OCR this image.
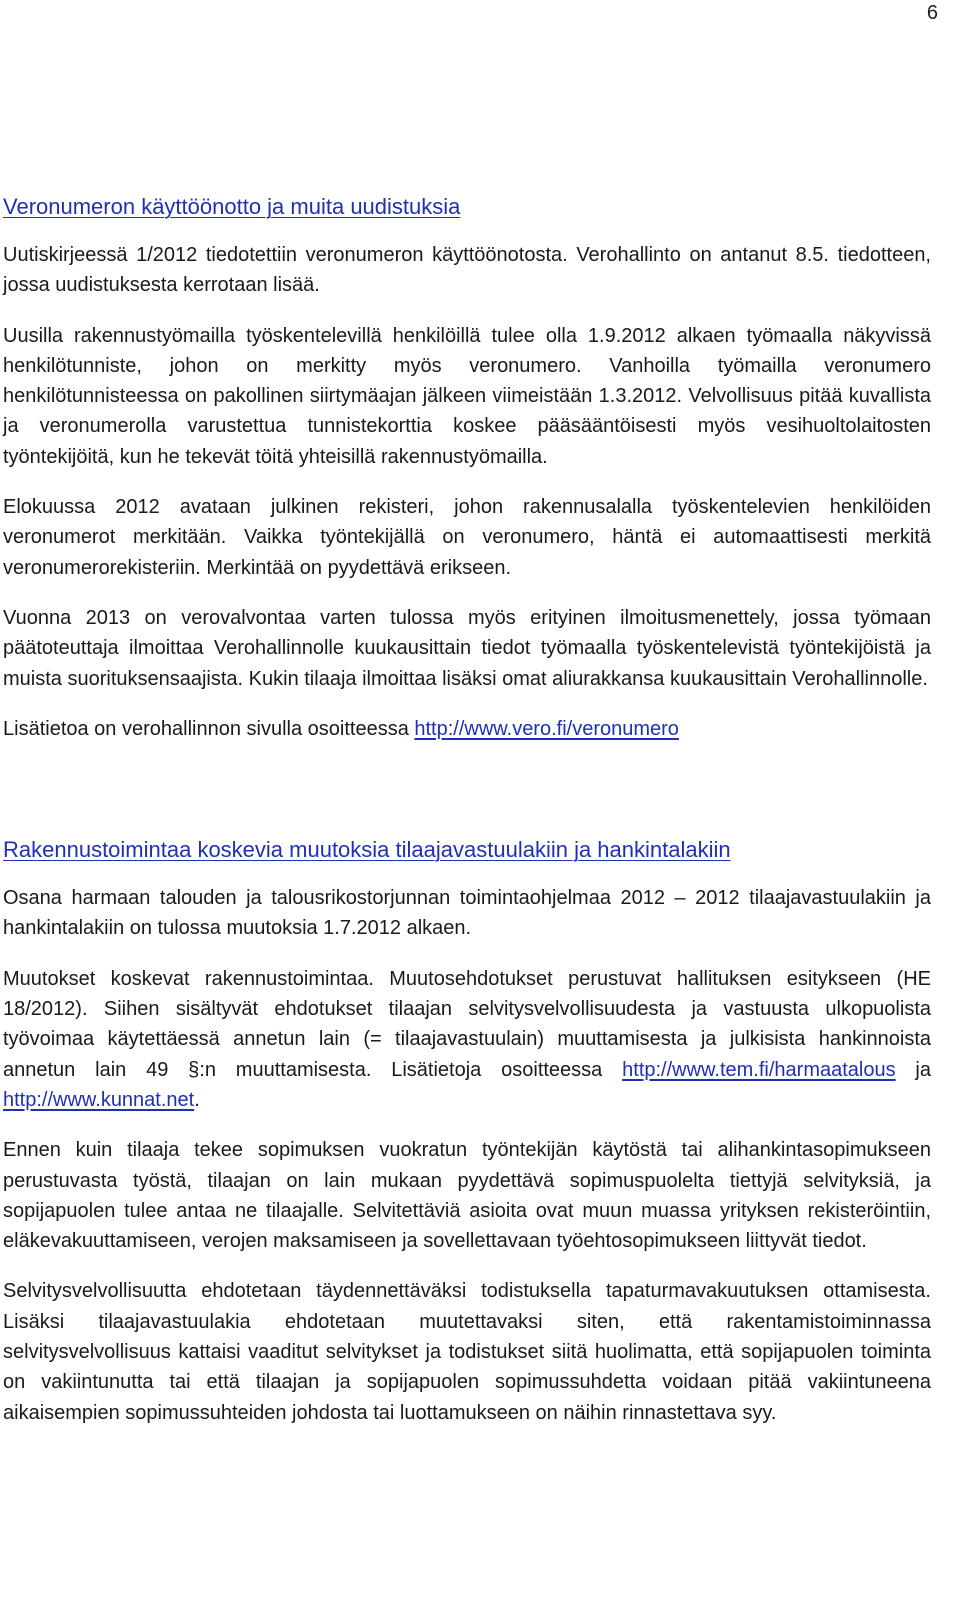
6
Veronumeron käyttöönotto ja muita uudistuksia

Uutiskirjeessä 1/2012 tiedotettiin veronumeron käyttöönotosta. Verohallinto on antanut 8.5. tiedotteen, jossa uudistuksesta kerrotaan lisää.

Uusilla rakennustyömailla työskentelevillä henkilöillä tulee olla 1.9.2012 alkaen työmaalla näkyvissä henkilötunniste, johon on merkitty myös veronumero. Vanhoilla työmailla veronumero henkilötunnisteessa on pakollinen siirtymäajan jälkeen viimeistään 1.3.2012. Velvollisuus pitää kuvallista ja veronumerolla varustettua tunnistekorttia koskee pääsääntöisesti myös vesihuoltolaitosten työntekijöitä, kun he tekevät töitä yhteisillä rakennustyömailla.

Elokuussa 2012 avataan julkinen rekisteri, johon rakennusalalla työskentelevien henkilöiden veronumerot merkitään. Vaikka työntekijällä on veronumero, häntä ei automaattisesti merkitä veronumerorekisteriin. Merkintää on pyydettävä erikseen.

Vuonna 2013 on verovalvontaa varten tulossa myös erityinen ilmoitusmenettely, jossa työmaan päätoteuttaja ilmoittaa Verohallinnolle kuukausittain tiedot työmaalla työskentelevistä työntekijöistä ja muista suorituksensaajista. Kukin tilaaja ilmoittaa lisäksi omat aliurakkansa kuukausittain Verohallinnolle.

Lisätietoa on verohallinnon sivulla osoitteessa http://www.vero.fi/veronumero

Rakennustoimintaa koskevia muutoksia tilaajavastuulakiin ja hankintalakiin

Osana harmaan talouden ja talousrikostorjunnan toimintaohjelmaa 2012 – 2012 tilaajavastuulakiin ja hankintalakiin on tulossa muutoksia 1.7.2012 alkaen.

Muutokset koskevat rakennustoimintaa. Muutosehdotukset perustuvat hallituksen esitykseen (HE 18/2012). Siihen sisältyvät ehdotukset tilaajan selvitysvelvollisuudesta ja vastuusta ulkopuolista työvoimaa käytettäessä annetun lain (= tilaajavastuulain) muuttamisesta ja julkisista hankinnoista annetun lain 49 §:n muuttamisesta. Lisätietoja osoitteessa http://www.tem.fi/harmaatalous ja http://www.kunnat.net.

Ennen kuin tilaaja tekee sopimuksen vuokratun työntekijän käytöstä tai alihankintasopimukseen perustuvasta työstä, tilaajan on lain mukaan pyydettävä sopimuspuolelta tiettyjä selvityksiä, ja sopijapuolen tulee antaa ne tilaajalle. Selvitettäviä asioita ovat muun muassa yrityksen rekisteröintiin, eläkevakuuttamiseen, verojen maksamiseen ja sovellettavaan työehtosopimukseen liittyvät tiedot.

Selvitysvelvollisuutta ehdotetaan täydennettäväksi todistuksella tapaturmavakuutuksen ottamisesta. Lisäksi tilaajavastuulakia ehdotetaan muutettavaksi siten, että rakentamistoiminnassa selvitysvelvollisuus kattaisi vaaditut selvitykset ja todistukset siitä huolimatta, että sopijapuolen toiminta on vakiintunutta tai että tilaajan ja sopijapuolen sopimussuhdetta voidaan pitää vakiintuneena aikaisempien sopimussuhteiden johdosta tai luottamukseen on näihin rinnastettava syy.
